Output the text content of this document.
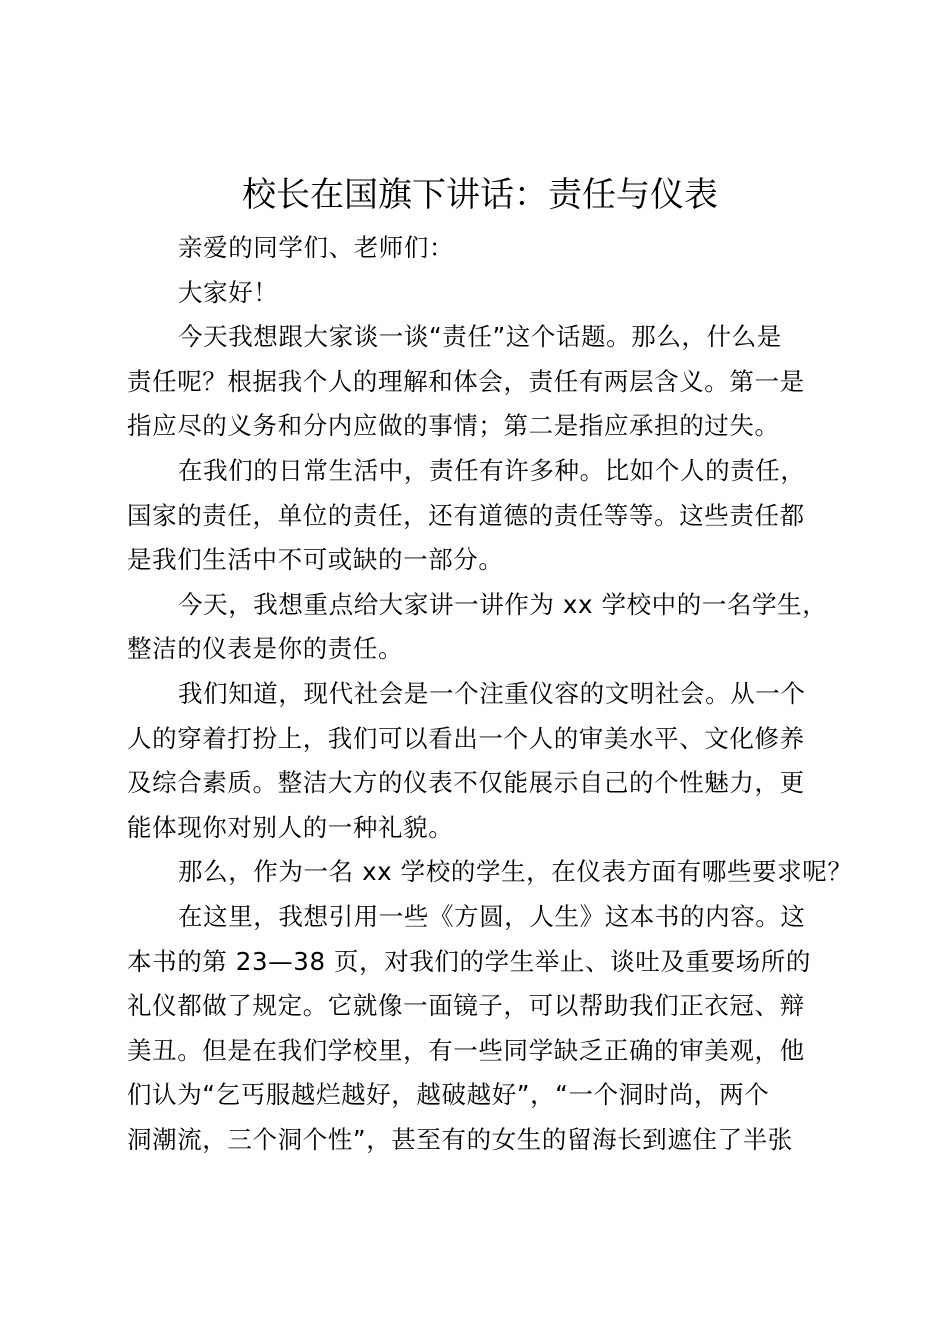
校长在国旗下讲话：责任与仪表
亲爱的同学们、老师们：
大家好！
今天我想跟大家谈一谈“责任”这个话题。那么，什么是
责任呢？根据我个人的理解和体会，责任有两层含义。第一是
指应尽的义务和分内应做的事情；第二是指应承担的过失。
在我们的日常生活中，责任有许多种。比如个人的责任，
国家的责任，单位的责任，还有道德的责任等等。这些责任都
是我们生活中不可或缺的一部分。
今天，我想重点给大家讲一讲作为 xx 学校中的一名学生，
整洁的仪表是你的责任。
我们知道，现代社会是一个注重仪容的文明社会。从一个
人的穿着打扮上，我们可以看出一个人的审美水平、文化修养
及综合素质。整洁大方的仪表不仅能展示自己的个性魅力，更
能体现你对别人的一种礼貌。
那么，作为一名 xx 学校的学生，在仪表方面有哪些要求呢？
在这里，我想引用一些《方圆，人生》这本书的内容。这
本书的第 23—38 页，对我们的学生举止、谈吐及重要场所的
礼仪都做了规定。它就像一面镜子，可以帮助我们正衣冠、辩
美丑。但是在我们学校里，有一些同学缺乏正确的审美观，他
们认为“乞丐服越烂越好，越破越好”，“一个洞时尚，两个
洞潮流，三个洞个性”，甚至有的女生的留海长到遮住了半张
